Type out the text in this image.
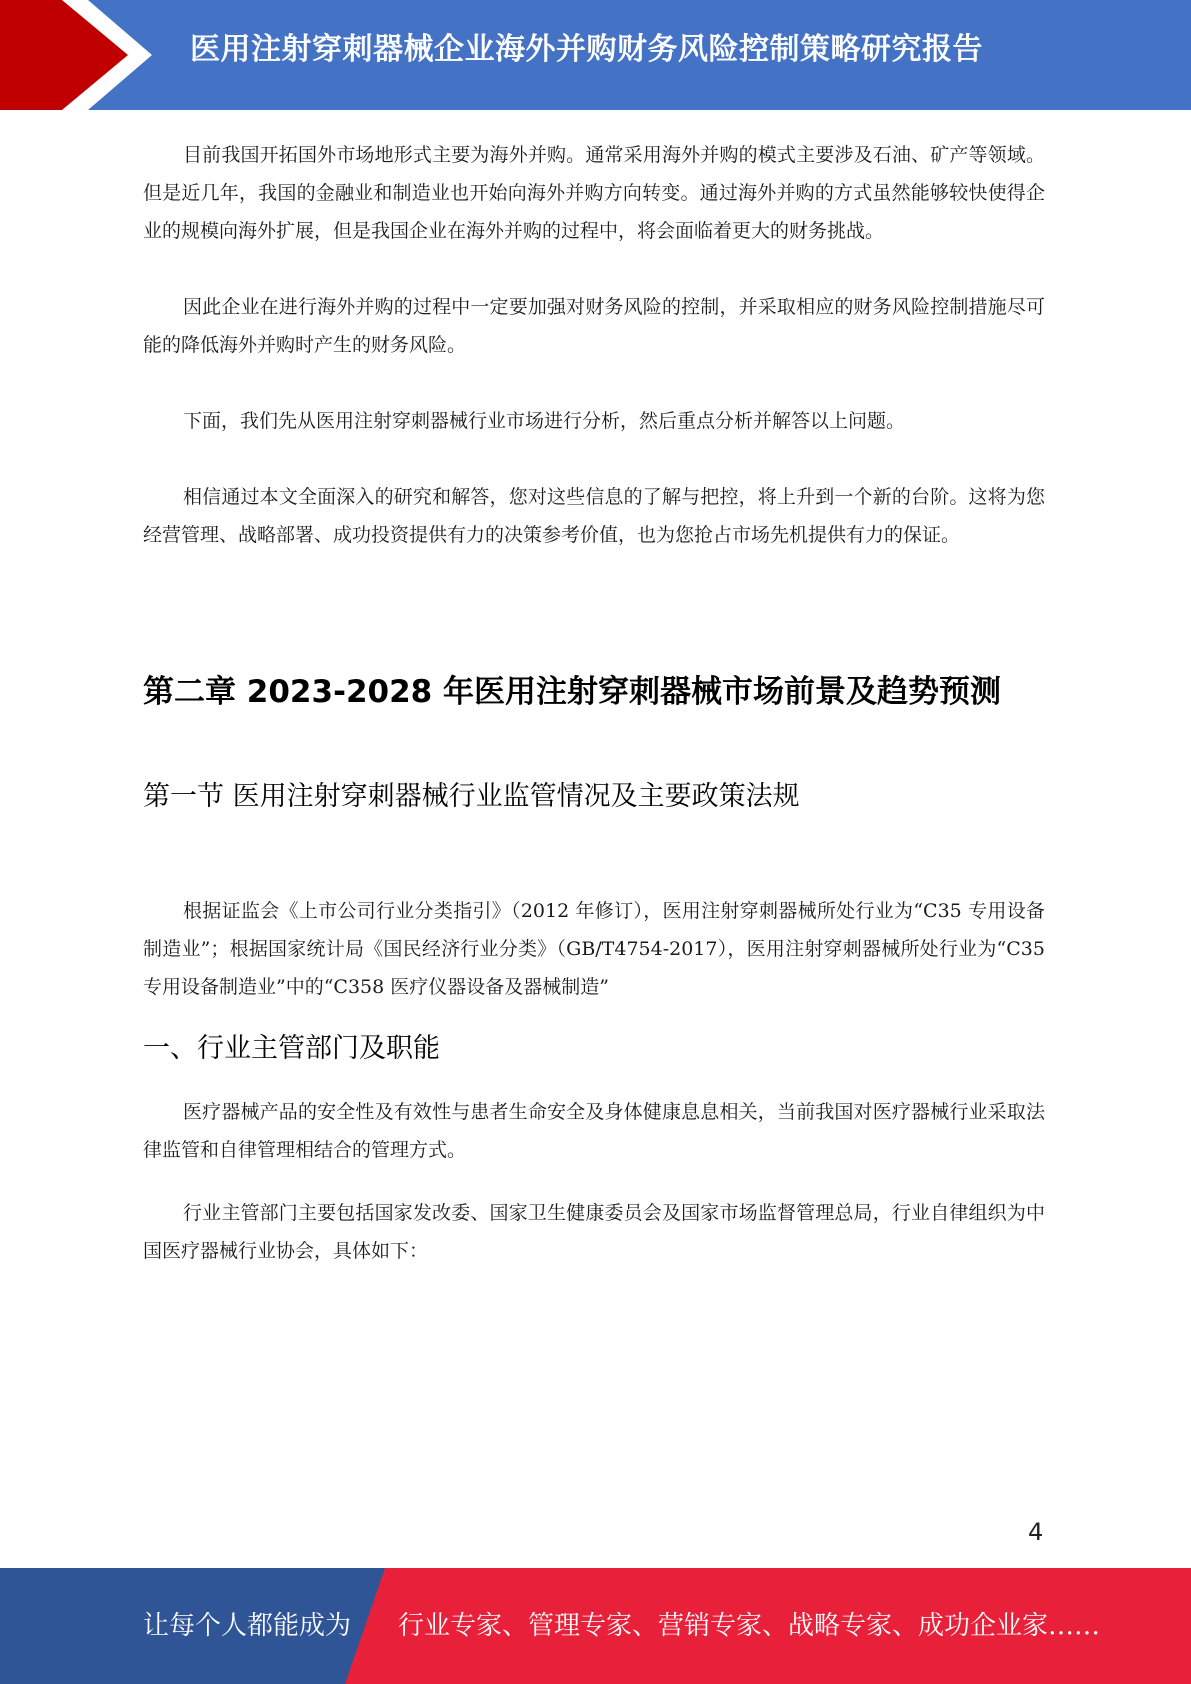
医用注射穿刺器械企业海外并购财务风险控制策略研究报告

目前我国开拓国外市场地形式主要为海外并购。通常采用海外并购的模式主要涉及石油、矿产等领域。但是近几年，我国的金融业和制造业也开始向海外并购方向转变。通过海外并购的方式虽然能够较快使得企业的规模向海外扩展，但是我国企业在海外并购的过程中，将会面临着更大的财务挑战。

因此企业在进行海外并购的过程中一定要加强对财务风险的控制，并采取相应的财务风险控制措施尽可能的降低海外并购时产生的财务风险。

下面，我们先从医用注射穿刺器械行业市场进行分析，然后重点分析并解答以上问题。

相信通过本文全面深入的研究和解答，您对这些信息的了解与把控，将上升到一个新的台阶。这将为您经营管理、战略部署、成功投资提供有力的决策参考价值，也为您抢占市场先机提供有力的保证。

第二章 2023-2028 年医用注射穿刺器械市场前景及趋势预测
第一节 医用注射穿刺器械行业监管情况及主要政策法规

根据证监会《上市公司行业分类指引》（2012 年修订），医用注射穿刺器械所处行业为“C35 专用设备制造业”；根据国家统计局《国民经济行业分类》（GB/T4754-2017），医用注射穿刺器械所处行业为“C35 专用设备制造业”中的“C358 医疗仪器设备及器械制造”

一、行业主管部门及职能

医疗器械产品的安全性及有效性与患者生命安全及身体健康息息相关，当前我国对医疗器械行业采取法律监管和自律管理相结合的管理方式。

行业主管部门主要包括国家发改委、国家卫生健康委员会及国家市场监督管理总局，行业自律组织为中国医疗器械行业协会，具体如下：

4
让每个人都能成为 行业专家、管理专家、营销专家、战略专家、成功企业家……
